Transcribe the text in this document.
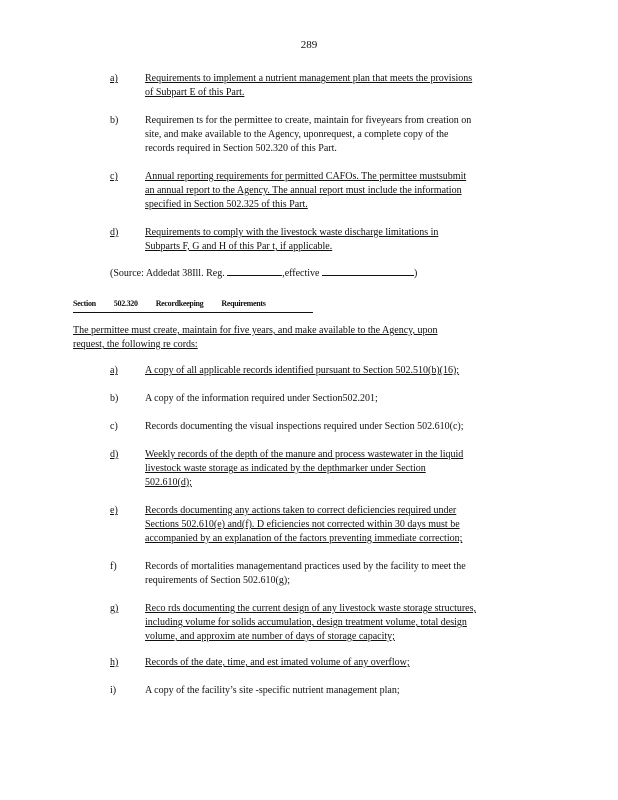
289
a)	Requirements to implement a nutrient management plan that meets the provisions
of Subpart E of this Part.
b)	Requiremen ts for the permittee to create, maintain for fiveyears from creation on
site, and make available to the Agency, uponrequest, a complete copy of the
records required in Section 502.320 of this Part.
c)	Annual reporting requirements for permitted CAFOs. The permittee mustsubmit
an annual report to the Agency. The annual report must include the information
specified in Section 502.325 of this Part.
d)	Requirements to comply with the livestock waste discharge limitations in
Subparts F, G and H of this Par t, if applicable.
(Source: Addedat 38Ill. Reg.	,effective	)
Section 502.320 Recordkeeping Requirements
The permittee must create, maintain for five years, and make available to the Agency, upon
request, the following re cords:
a)	A copy of all applicable records identified pursuant to Section 502.510(b)(16);
b)	A copy of the information required under Section502.201;
c)	Records documenting the visual inspections required under Section 502.610(c);
d)	Weekly records of the depth of the manure and process wastewater in the liquid
livestock waste storage as indicated by the depthmarker under Section
502.610(d);
e)	Records documenting any actions taken to correct deficiencies required under
Sections 502.610(e) and(f). D eficiencies not corrected within 30 days must be
accompanied by an explanation of the factors preventing immediate correction;
f)	Records of mortalities managementand practices used by the facility to meet the
requirements of Section 502.610(g);
g)	Reco rds documenting the current design of any livestock waste storage structures,
including volume for solids accumulation, design treatment volume, total design
volume, and approxim ate number of days of storage capacity;
h)	Records of the date, time, and est imated volume of any overflow;
i)	A copy of the facility’s site -specific nutrient management plan;
